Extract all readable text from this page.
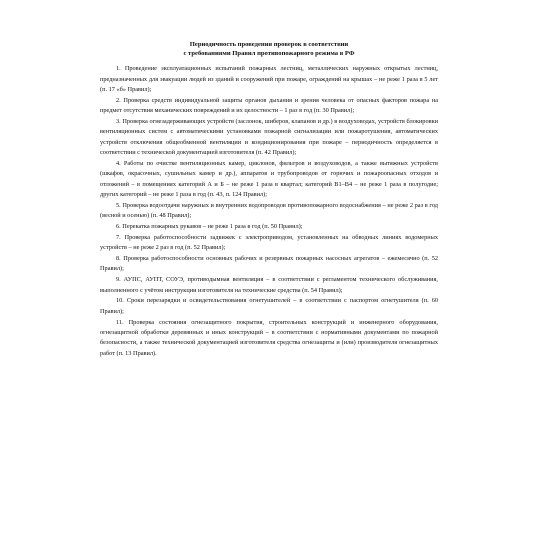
Периодичность проведения проверок в соответствии
с требованиями Правил противопожарного режима в РФ

1. Проведение эксплуатационных испытаний пожарных лестниц, металлических наружных открытых лестниц, предназначенных для эвакуации людей из зданий и сооружений при пожаре, ограждений на крышах – не реже 1 раза в 5 лет (п. 17 «б» Правил);

2. Проверка средств индивидуальной защиты органов дыхания и зрения человека от опасных факторов пожара на предмет отсутствия механических повреждений и их целостности – 1 раз в год (п. 30 Правил);

3. Проверка огнезадерживающих устройств (заслонок, шиберов, клапанов и др.) в воздуховодах, устройств блокировки вентиляционных систем с автоматическими установками пожарной сигнализации или пожаротушения, автоматических устройств отключения общеобменной вентиляции и кондиционирования при пожаре – периодичность определяется в соответствии с технической документацией изготовителя (п. 42 Правил);

4. Работы по очистке вентиляционных камер, циклонов, фильтров и воздуховодов, а также вытяжных устройств (шкафов, окрасочных, сушильных камер и др.), аппаратов и трубопроводов от горючих и пожароопасных отходов и отложений – в помещениях категорий А и Б – не реже 1 раза в квартал; категорий В1–В4 – не реже 1 раза в полугодие; других категорий – не реже 1 раза в год (п. 43, п. 124 Правил);

5. Проверка водоотдачи наружных и внутренних водопроводов противопожарного водоснабжения – не реже 2 раз в год (весной и осенью) (п. 48 Правил);

6. Перекатка пожарных рукавов – не реже 1 раза в год (п. 50 Правил);

7. Проверка работоспособности задвижек с электроприводом, установленных на обводных линиях водомерных устройств – не реже 2 раз в год (п. 52 Правил);

8. Проверка работоспособности основных рабочих и резервных пожарных насосных агрегатов – ежемесячно (п. 52 Правил);

9. АУПС, АУПТ, СОУЭ, противодымная вентиляция – в соответствии с регламентом технического обслуживания, выполненного с учётом инструкции изготовителя на технические средства (п. 54 Правил);

10. Сроки перезарядки и освидетельствования огнетушителей – в соответствии с паспортом огнетушителя (п. 60 Правил);

11. Проверка состояния огнезащитного покрытия, строительных конструкций и инженерного оборудования, огнезащитной обработки деревянных и иных конструкций – в соответствии с нормативными документами по пожарной безопасности, а также технической документацией изготовителя средства огнезащиты и (или) производителя огнезащитных работ (п. 13 Правил).
